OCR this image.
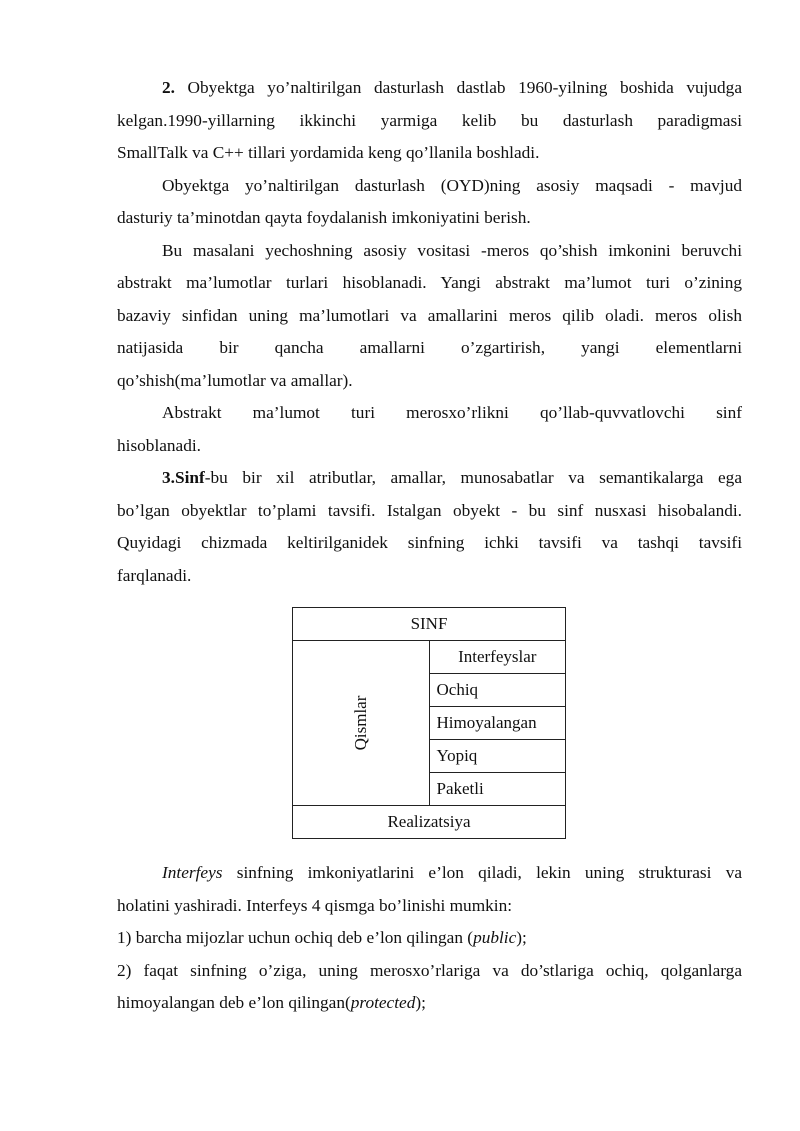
2. Obyektga yo’naltirilgan dasturlash dastlab 1960-yilning boshida vujudga

kelgan.1990-yillarning ikkinchi yarmiga kelib bu dasturlash paradigmasi

SmallTalk va C++ tillari yordamida keng qo’llanila boshladi.

Obyektga yo’naltirilgan dasturlash (OYD)ning asosiy maqsadi - mavjud

dasturiy ta’minotdan qayta foydalanish imkoniyatini berish.

Bu masalani yechoshning asosiy vositasi -meros qo’shish imkonini beruvchi

abstrakt ma’lumotlar turlari hisoblanadi. Yangi abstrakt ma’lumot turi o’zining

bazaviy sinfidan uning ma’lumotlari va amallarini meros qilib oladi. meros olish

natijasida bir qancha amallarni o’zgartirish, yangi elementlarni

qo’shish(ma’lumotlar va amallar).

Abstrakt ma’lumot turi merosxo’rlikni qo’llab-quvvatlovchi sinf

hisoblanadi.

3.Sinf-bu bir xil atributlar, amallar, munosabatlar va semantikalarga ega

bo’lgan obyektlar to’plami tavsifi. Istalgan obyekt - bu sinf nusxasi hisobalandi.

Quyidagi chizmada keltirilganidek sinfning ichki tavsifi va tashqi tavsifi

farqlanadi.

SINF

Qismlar
	Interfeyslar
Ochiq
Himoyalangan
Yopiq
Paketli
Realizatsiya

Interfeys sinfning imkoniyatlarini e’lon qiladi, lekin uning strukturasi va

holatini yashiradi. Interfeys 4 qismga bo’linishi mumkin:

1) barcha mijozlar uchun ochiq deb e’lon qilingan (public);

2) faqat sinfning o’ziga, uning merosxo’rlariga va do’stlariga ochiq, qolganlarga

himoyalangan deb e’lon qilingan(protected);
